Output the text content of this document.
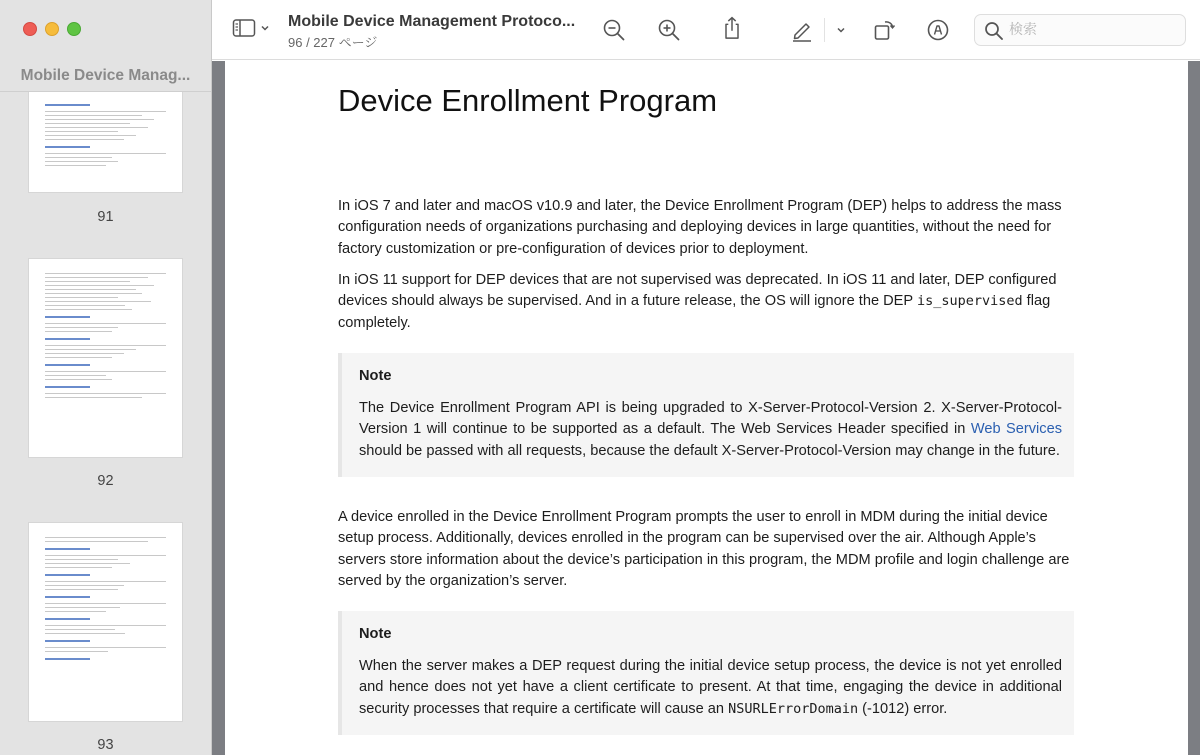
Mobile Device Manag...
91
92
93
Mobile Device Management Protoco...
96 / 227 ページ
検索
Device Enrollment Program

In iOS 7 and later and macOS v10.9 and later, the Device Enrollment Program (DEP) helps to address the mass configuration needs of organizations purchasing and deploying devices in large quantities, without the need for factory customization or pre-configuration of devices prior to deployment.

In iOS 11 support for DEP devices that are not supervised was deprecated. In iOS 11 and later, DEP configured devices should always be supervised. And in a future release, the OS will ignore the DEP is_supervised flag completely.

Note

The Device Enrollment Program API is being upgraded to X-Server-Protocol-Version 2. X-Server-Protocol-Version 1 will continue to be supported as a default. The Web Services Header specified in Web Services should be passed with all requests, because the default X-Server-Protocol-Version may change in the future.

A device enrolled in the Device Enrollment Program prompts the user to enroll in MDM during the initial device setup process. Additionally, devices enrolled in the program can be supervised over the air. Although Apple’s servers store information about the device’s participation in this program, the MDM profile and login challenge are served by the organization’s server.

Note

When the server makes a DEP request during the initial device setup process, the device is not yet enrolled and hence does not yet have a client certificate to present. At that time, engaging the device in additional security processes that require a certificate will cause an NSURLErrorDomain (-1012) error.
